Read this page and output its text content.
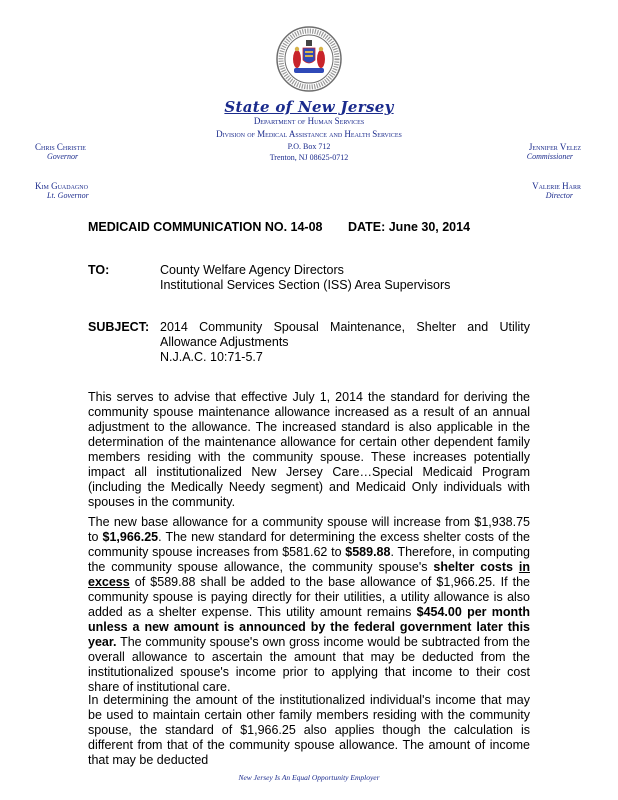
State of New Jersey
Department of Human Services
Division of Medical Assistance and Health Services
P.O. Box 712
Trenton, NJ 08625-0712
Chris Christie
Governor
Kim Guadagno
Lt. Governor
Jennifer Velez
Commissioner
Valerie Harr
Director
MEDICAID COMMUNICATION NO. 14-08 DATE: June 30, 2014
TO:	County Welfare Agency Directors
Institutional Services Section (ISS) Area Supervisors
SUBJECT: 2014 Community Spousal Maintenance, Shelter and Utility
Allowance Adjustments
N.J.A.C. 10:71-5.7
This serves to advise that effective July 1, 2014 the standard for deriving the community spouse maintenance allowance increased as a result of an annual adjustment to the allowance. The increased standard is also applicable in the determination of the maintenance allowance for certain other dependent family members residing with the community spouse. These increases potentially impact all institutionalized New Jersey Care…Special Medicaid Program (including the Medically Needy segment) and Medicaid Only individuals with spouses in the community.
The new base allowance for a community spouse will increase from $1,938.75 to $1,966.25. The new standard for determining the excess shelter costs of the community spouse increases from $581.62 to $589.88. Therefore, in computing the community spouse allowance, the community spouse's shelter costs in excess of $589.88 shall be added to the base allowance of $1,966.25. If the community spouse is paying directly for their utilities, a utility allowance is also added as a shelter expense. This utility amount remains $454.00 per month unless a new amount is announced by the federal government later this year. The community spouse's own gross income would be subtracted from the overall allowance to ascertain the amount that may be deducted from the institutionalized spouse's income prior to applying that income to their cost share of institutional care.
In determining the amount of the institutionalized individual's income that may be used to maintain certain other family members residing with the community spouse, the standard of $1,966.25 also applies though the calculation is different from that of the community spouse allowance. The amount of income that may be deducted
New Jersey Is An Equal Opportunity Employer
